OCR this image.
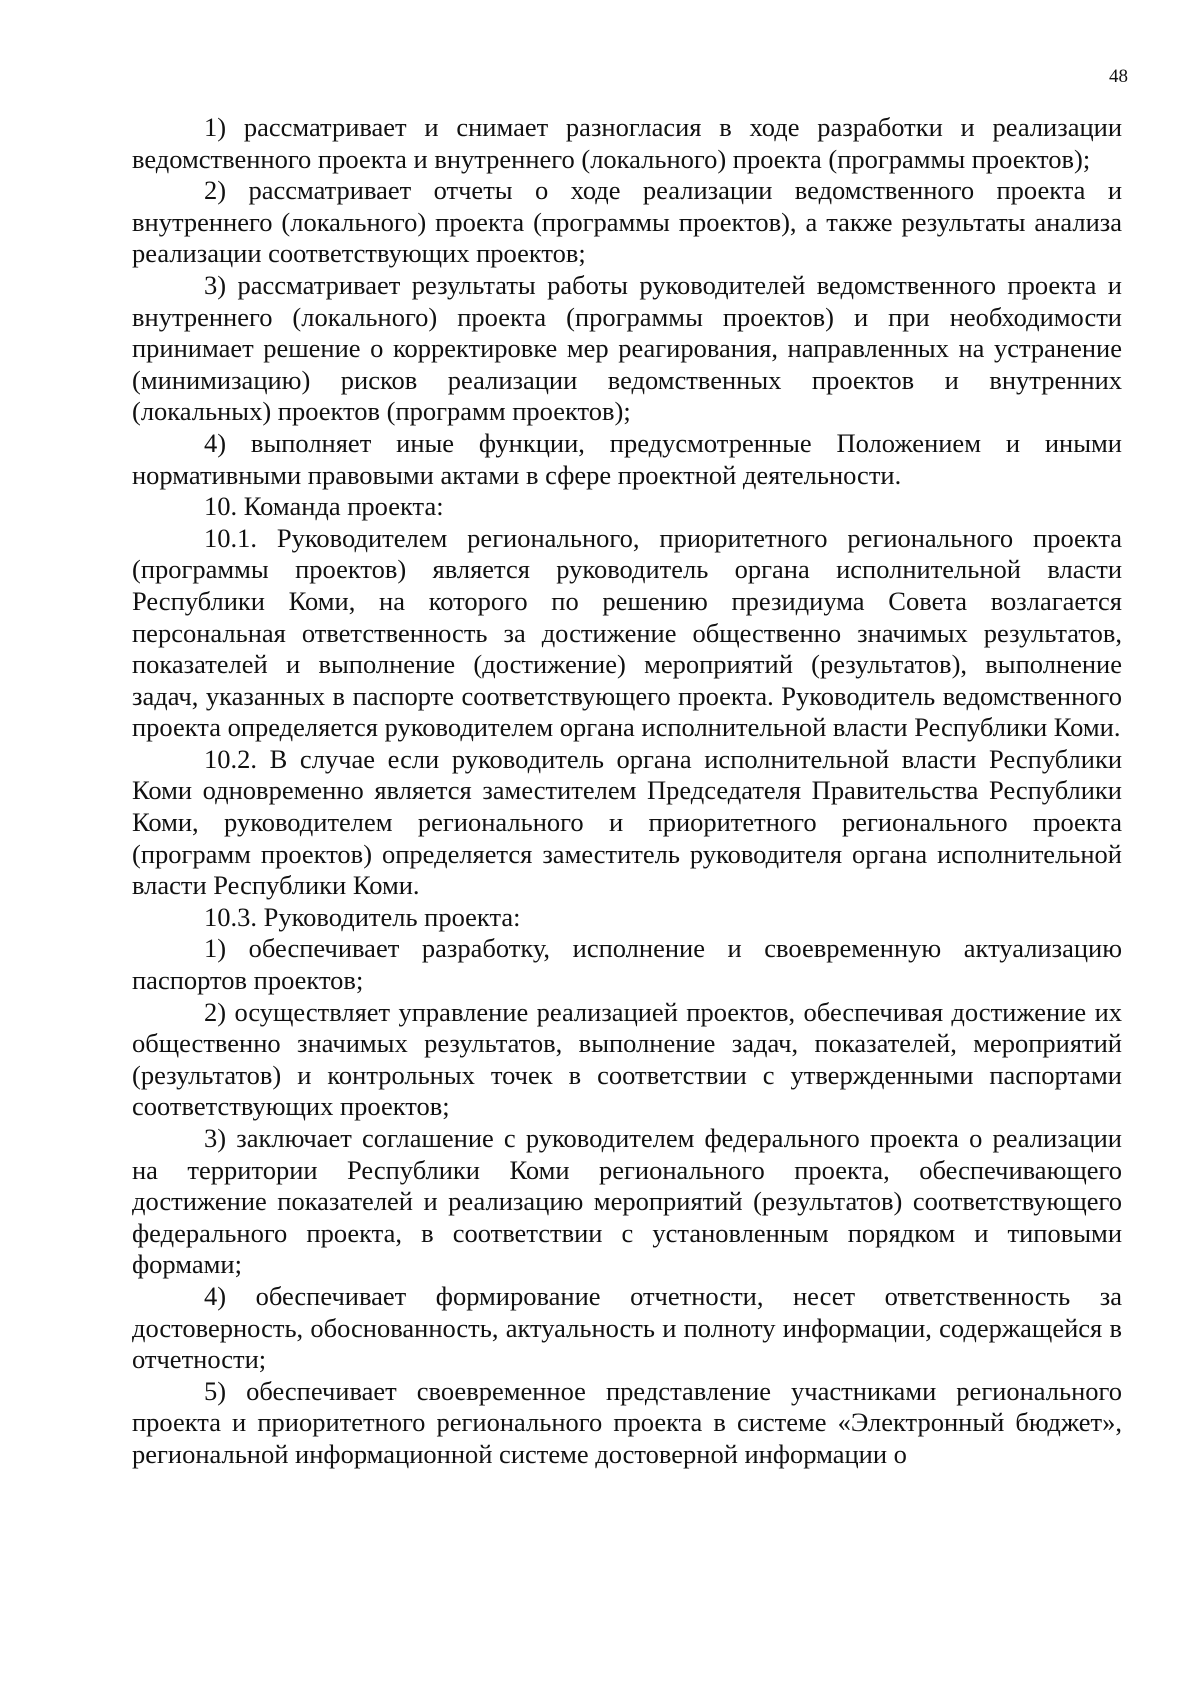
48

1) рассматривает и снимает разногласия в ходе разработки и реализации ведомственного проекта и внутреннего (локального) проекта (программы проектов);

2) рассматривает отчеты о ходе реализации ведомственного проекта и внутреннего (локального) проекта (программы проектов), а также результаты анализа реализации соответствующих проектов;

3) рассматривает результаты работы руководителей ведомственного проекта и внутреннего (локального) проекта (программы проектов) и при необходимости принимает решение о корректировке мер реагирования, направленных на устранение (минимизацию) рисков реализации ведомственных проектов и внутренних (локальных) проектов (программ проектов);

4) выполняет иные функции, предусмотренные Положением и иными нормативными правовыми актами в сфере проектной деятельности.

10. Команда проекта:

10.1. Руководителем регионального, приоритетного регионального проекта (программы проектов) является руководитель органа исполнительной власти Республики Коми, на которого по решению президиума Совета возлагается персональная ответственность за достижение общественно значимых результатов, показателей и выполнение (достижение) мероприятий (результатов), выполнение задач, указанных в паспорте соответствующего проекта. Руководитель ведомственного проекта определяется руководителем органа исполнительной власти Республики Коми.

10.2. В случае если руководитель органа исполнительной власти Республики Коми одновременно является заместителем Председателя Правительства Республики Коми, руководителем регионального и приоритетного регионального проекта (программ проектов) определяется заместитель руководителя органа исполнительной власти Республики Коми.

10.3. Руководитель проекта:

1) обеспечивает разработку, исполнение и своевременную актуализацию паспортов проектов;

2) осуществляет управление реализацией проектов, обеспечивая достижение их общественно значимых результатов, выполнение задач, показателей, мероприятий (результатов) и контрольных точек в соответствии с утвержденными паспортами соответствующих проектов;

3) заключает соглашение с руководителем федерального проекта о реализации на территории Республики Коми регионального проекта, обеспечивающего достижение показателей и реализацию мероприятий (результатов) соответствующего федерального проекта, в соответствии с установленным порядком и типовыми формами;

4) обеспечивает формирование отчетности, несет ответственность за достоверность, обоснованность, актуальность и полноту информации, содержащейся в отчетности;

5) обеспечивает своевременное представление участниками регионального проекта и приоритетного регионального проекта в системе «Электронный бюджет», региональной информационной системе достоверной информации о
